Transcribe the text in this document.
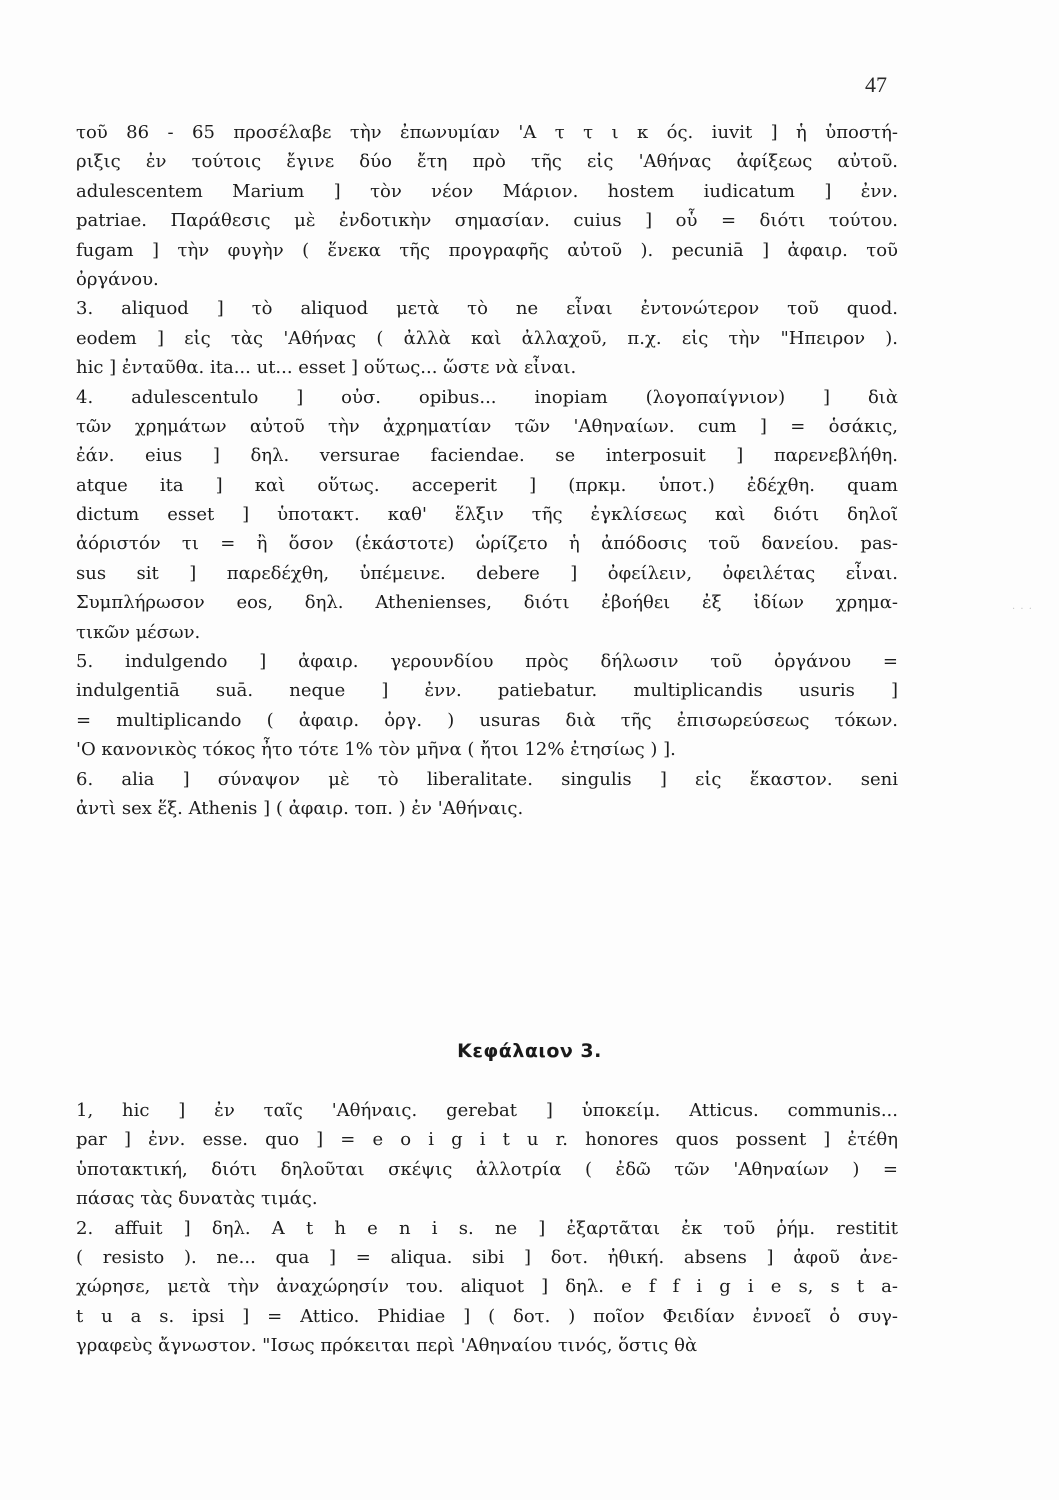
47
· · ·
τοῦ 86 - 65 προσέλαβε τὴν ἐπωνυμίαν 'Α τ τ ι κ ός. iuvit ] ἡ ὑποστή-
ριξις ἐν τούτοις ἔγινε δύο ἔτη πρὸ τῆς εἰς 'Αθήνας ἀφίξεως αὐτοῦ.
adulescentem Marium ] τὸν νέον Μάριον. hostem iudicatum ] ἐνν.
patriae. Παράθεσις μὲ ἐνδοτικὴν σημασίαν. cuius ] οὗ = διότι τούτου.
fugam ] τὴν φυγὴν ( ἕνεκα τῆς προγραφῆς αὐτοῦ ). pecuniā ] ἀφαιρ. τοῦ
ὀργάνου.
3. aliquod ] τὸ aliquod μετὰ τὸ ne εἶναι ἐντονώτερον τοῦ quod.
eodem ] εἰς τὰς 'Αθήνας ( ἀλλὰ καὶ ἀλλαχοῦ, π.χ. εἰς τὴν "Ηπειρον ).
hic ] ἐνταῦθα. ita... ut... esset ] οὕτως... ὥστε νὰ εἶναι.
4. adulescentulo ] οὐσ. opibus... inopiam (λογοπαίγνιον) ] διὰ
τῶν χρημάτων αὐτοῦ τὴν ἀχρηματίαν τῶν 'Αθηναίων. cum ] = ὁσάκις,
ἐάν. eius ] δηλ. versurae faciendae. se interposuit ] παρενεβλήθη.
atque ita ] καὶ οὕτως. acceperit ] (πρκμ. ὑποτ.) ἐδέχθη. quam
dictum esset ] ὑποτακτ. καθ' ἕλξιν τῆς ἐγκλίσεως καὶ διότι δηλοῖ
ἀόριστόν τι = ἢ ὅσον (ἑκάστοτε) ὡρίζετο ἡ ἀπόδοσις τοῦ δανείου. pas-
sus sit ] παρεδέχθη, ὑπέμεινε. debere ] ὀφείλειν, ὀφειλέτας εἶναι.
Συμπλήρωσον eos, δηλ. Athenienses, διότι ἐβοήθει ἐξ ἰδίων χρημα-
τικῶν μέσων.
5. indulgendo ] ἀφαιρ. γερουνδίου πρὸς δήλωσιν τοῦ ὀργάνου =
indulgentiā suā. neque ] ἐνν. patiebatur. multiplicandis usuris ]
= multiplicando ( ἀφαιρ. ὀργ. ) usuras διὰ τῆς ἐπισωρεύσεως τόκων.
'Ο κανονικὸς τόκος ἦτο τότε 1% τὸν μῆνα ( ἤτοι 12% ἐτησίως ) ].
6. alia ] σύναψον μὲ τὸ liberalitate. singulis ] εἰς ἕκαστον. seni
ἀντὶ sex ἕξ. Athenis ] ( ἀφαιρ. τοπ. ) ἐν 'Αθήναις.
Κεφάλαιον 3.
1, hic ] ἐν ταῖς 'Αθήναις. gerebat ] ὑποκείμ. Atticus. communis...
par ] ἐνν. esse. quo ] = e o i g i t u r. honores quos possent ] ἐτέθη
ὑποτακτική, διότι δηλοῦται σκέψις ἀλλοτρία ( ἐδῶ τῶν 'Αθηναίων ) =
πάσας τὰς δυνατὰς τιμάς.
2. affuit ] δηλ. A t h e n i s. ne ] ἐξαρτᾶται ἐκ τοῦ ῥήμ. restitit
( resisto ). ne... qua ] = aliqua. sibi ] δοτ. ἠθική. absens ] ἀφοῦ ἀνε-
χώρησε, μετὰ τὴν ἀναχώρησίν του. aliquot ] δηλ. e f f i g i e s, s t a-
t u a s. ipsi ] = Attico. Phidiae ] ( δοτ. ) ποῖον Φειδίαν ἐννοεῖ ὁ συγ-
γραφεὺς ἄγνωστον. "Ισως πρόκειται περὶ 'Αθηναίου τινός, ὅστις θὰ
